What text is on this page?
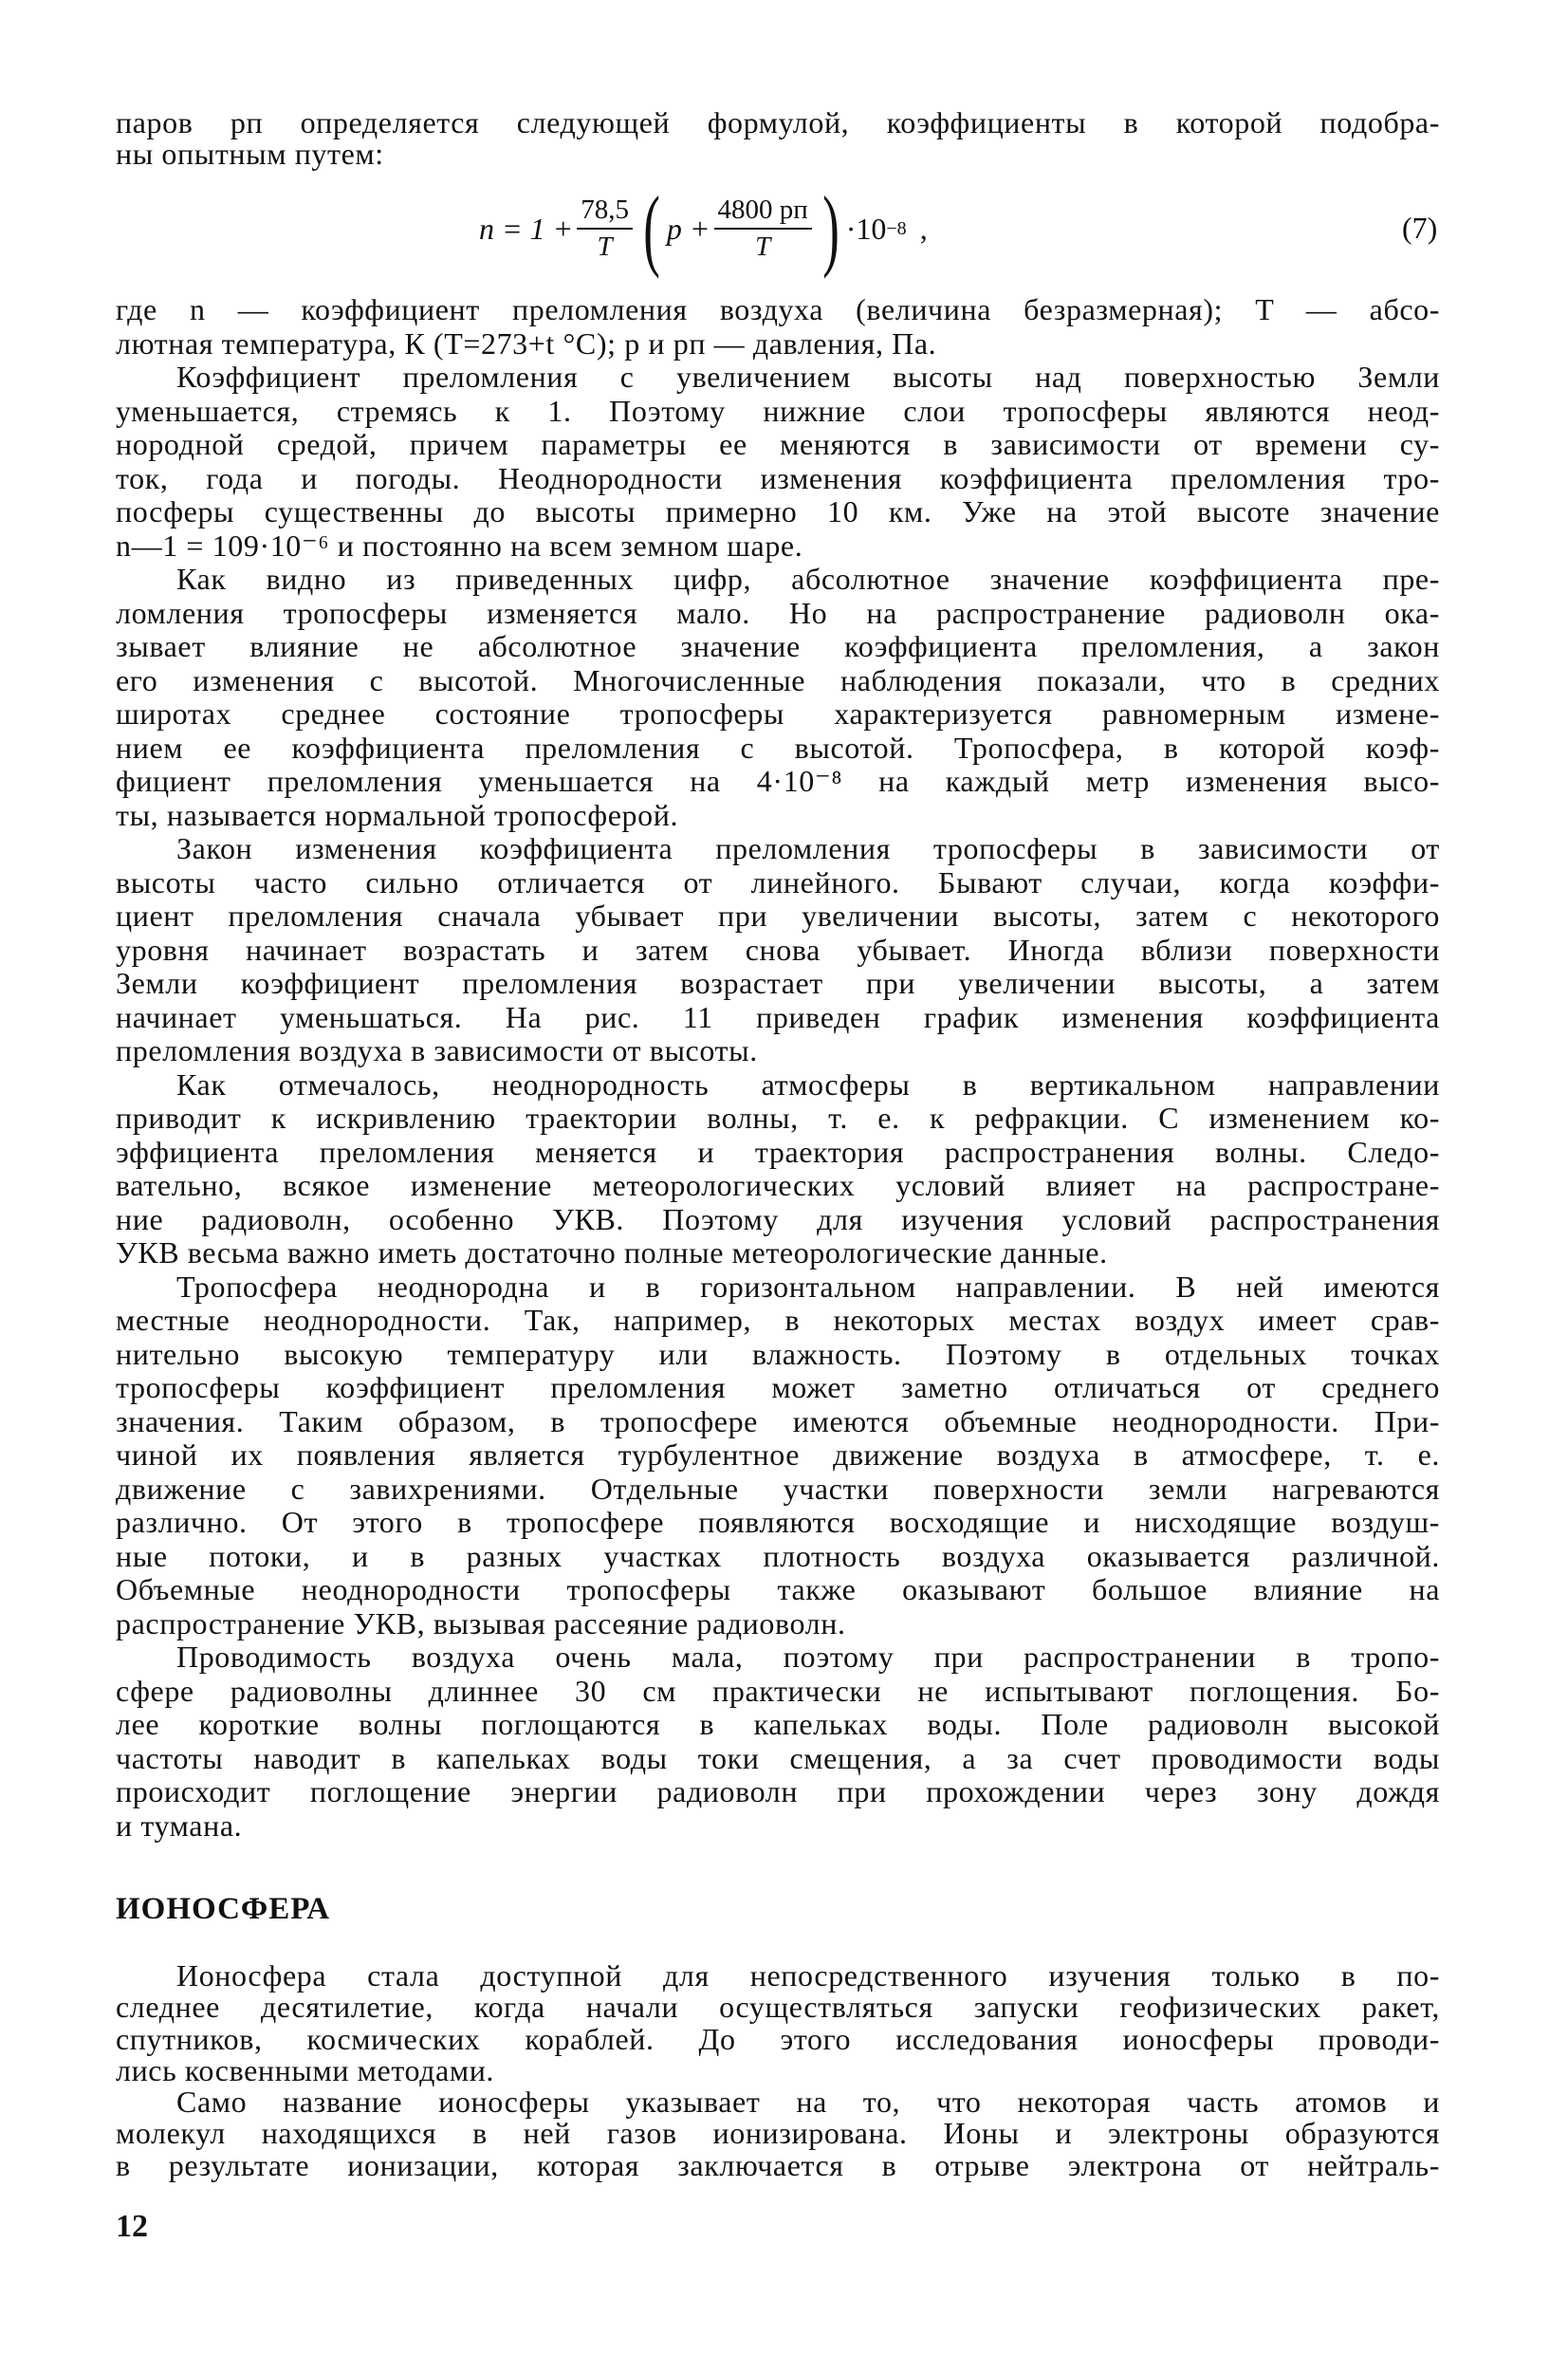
паров pп определяется следующей формулой, коэффициенты в которой подобра-
ны опытным путем:
$n = 1 + \frac{78,5}{T}$ ( $p + \frac{4800 pп}{T}$ ) ·10 −8 ,	(7)
где n — коэффициент преломления воздуха (величина безразмерная); T — абсо-
лютная температура, К (T=273+t °C); p и pп — давления, Па.
Коэффициент преломления с увеличением высоты над поверхностью Земли
уменьшается, стремясь к 1. Поэтому нижние слои тропосферы являются неод-
нородной средой, причем параметры ее меняются в зависимости от времени су-
ток, года и погоды. Неоднородности изменения коэффициента преломления тро-
посферы существенны до высоты примерно 10 км. Уже на этой высоте значение
n—1 = 109·10⁻⁶ и постоянно на всем земном шаре.
Как видно из приведенных цифр, абсолютное значение коэффициента пре-
ломления тропосферы изменяется мало. Но на распространение радиоволн ока-
зывает влияние не абсолютное значение коэффициента преломления, а закон
его изменения с высотой. Многочисленные наблюдения показали, что в средних
широтах среднее состояние тропосферы характеризуется равномерным измене-
нием ее коэффициента преломления с высотой. Тропосфера, в которой коэф-
фициент преломления уменьшается на 4·10⁻⁸ на каждый метр изменения высо-
ты, называется нормальной тропосферой.
Закон изменения коэффициента преломления тропосферы в зависимости от
высоты часто сильно отличается от линейного. Бывают случаи, когда коэффи-
циент преломления сначала убывает при увеличении высоты, затем с некоторого
уровня начинает возрастать и затем снова убывает. Иногда вблизи поверхности
Земли коэффициент преломления возрастает при увеличении высоты, а затем
начинает уменьшаться. На рис. 11 приведен график изменения коэффициента
преломления воздуха в зависимости от высоты.
Как отмечалось, неоднородность атмосферы в вертикальном направлении
приводит к искривлению траектории волны, т. е. к рефракции. С изменением ко-
эффициента преломления меняется и траектория распространения волны. Следо-
вательно, всякое изменение метеорологических условий влияет на распростране-
ние радиоволн, особенно УКВ. Поэтому для изучения условий распространения
УКВ весьма важно иметь достаточно полные метеорологические данные.
Тропосфера неоднородна и в горизонтальном направлении. В ней имеются
местные неоднородности. Так, например, в некоторых местах воздух имеет срав-
нительно высокую температуру или влажность. Поэтому в отдельных точках
тропосферы коэффициент преломления может заметно отличаться от среднего
значения. Таким образом, в тропосфере имеются объемные неоднородности. При-
чиной их появления является турбулентное движение воздуха в атмосфере, т. е.
движение с завихрениями. Отдельные участки поверхности земли нагреваются
различно. От этого в тропосфере появляются восходящие и нисходящие воздуш-
ные потоки, и в разных участках плотность воздуха оказывается различной.
Объемные неоднородности тропосферы также оказывают большое влияние на
распространение УКВ, вызывая рассеяние радиоволн.
Проводимость воздуха очень мала, поэтому при распространении в тропо-
сфере радиоволны длиннее 30 см практически не испытывают поглощения. Бо-
лее короткие волны поглощаются в капельках воды. Поле радиоволн высокой
частоты наводит в капельках воды токи смещения, а за счет проводимости воды
происходит поглощение энергии радиоволн при прохождении через зону дождя
и тумана.
ИОНОСФЕРА
Ионосфера стала доступной для непосредственного изучения только в по-
следнее десятилетие, когда начали осуществляться запуски геофизических ракет,
спутников, космических кораблей. До этого исследования ионосферы проводи-
лись косвенными методами.
Само название ионосферы указывает на то, что некоторая часть атомов и
молекул находящихся в ней газов ионизирована. Ионы и электроны образуются
в результате ионизации, которая заключается в отрыве электрона от нейтраль-
12
